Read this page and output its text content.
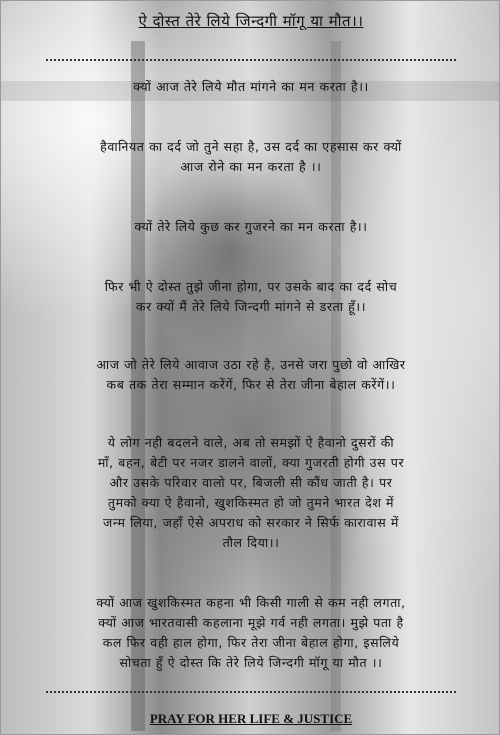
ऐ दोस्त तेरे लिये जिन्दगी मॉगू या मौत।।
क्यों आज तेरे लिये मौत मांगने का मन करता है।।
हैवानियत का दर्द जो तुने सहा है, उस दर्द का एहसास कर क्यों
आज रोने का मन करता है ।।
क्यों तेरे लिये कुछ कर गुजरने का मन करता है।।
फिर भी ऐ दोस्त तुझे जीना होगा, पर उसके बाद का दर्द सोच
कर क्यों मैं तेरे लिये जिन्दगी मांगने से डरता हूँ।।
आज जो तेरे लिये आवाज उठा रहे है, उनसे जरा पुछो वो आखिर
कब तक तेरा सम्मान करेंगें, फिर से तेरा जीना बेहाल करेंगें।।
ये लोग नही बदलने वाले, अब तो समझों ऐ हैवानो दुसरों की
मॉं, बहन, बेटी पर नजर डालने वालों, क्या गुजरती होगी उस पर
और उसके परिवार वालो पर, बिजली सी कौंध जाती है। पर
तुमको क्या ऐ हैवानो, खुशकिस्मत हो जो तुमने भारत देश में
जन्म लिया, जहॉं ऐसे अपराध को सरकार ने सिर्फ कारावास में
तौल दिया।।
क्यों आज खुशकिस्मत कहना भी किसी गाली से कम नही लगता,
क्यों आज भारतवासी कहलाना मूझे गर्व नही लगता। मुझे पता है
कल फिर वही हाल होगा, फिर तेरा जीना बेहाल होगा, इसलिये
सोचता हुँ ऐ दोस्त कि तेरे लिये जिन्दगी मॉगू या मौत ।।
PRAY FOR HER LIFE & JUSTICE
